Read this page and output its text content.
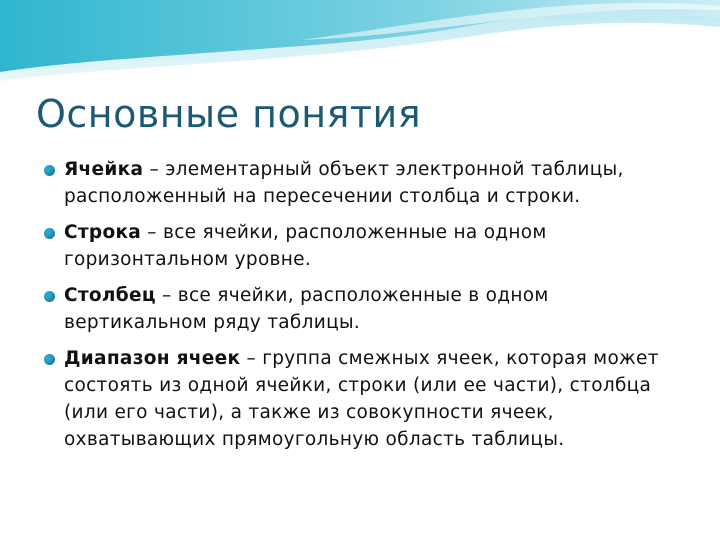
Основные понятия
Ячейка – элементарный объект электронной таблицы, расположенный на пересечении столбца и строки.
Строка – все ячейки, расположенные на одном горизонтальном уровне.
Столбец – все ячейки, расположенные в одном вертикальном ряду таблицы.
Диапазон ячеек – группа смежных ячеек, которая может состоять из одной ячейки, строки (или ее части), столбца (или его части), а также из совокупности ячеек, охватывающих прямоугольную область таблицы.
